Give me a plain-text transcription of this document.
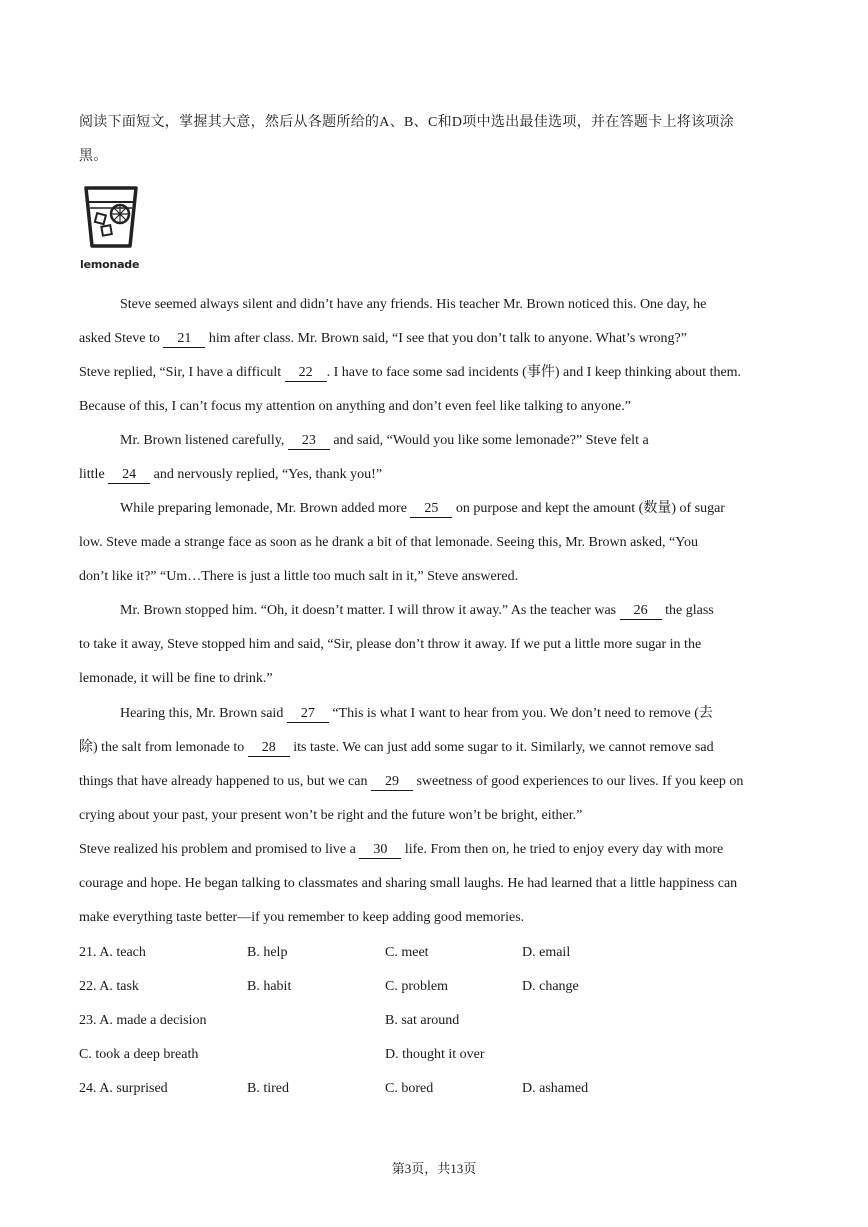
阅读下面短文，掌握其大意，然后从各题所给的A、B、C和D项中选出最佳选项，并在答题卡上将该项涂
黑。
lemonade
Steve seemed always silent and didn’t have any friends. His teacher Mr. Brown noticed this. One day, he
asked Steve to 21 him after class. Mr. Brown said, “I see that you don’t talk to anyone. What’s wrong?”
Steve replied, “Sir, I have a difficult 22 . I have to face some sad incidents (事件) and I keep thinking about them.
Because of this, I can’t focus my attention on anything and don’t even feel like talking to anyone.”
Mr. Brown listened carefully, 23 and said, “Would you like some lemonade?” Steve felt a
little 24 and nervously replied, “Yes, thank you!”
While preparing lemonade, Mr. Brown added more 25 on purpose and kept the amount (数量) of sugar
low. Steve made a strange face as soon as he drank a bit of that lemonade. Seeing this, Mr. Brown asked, “You
don’t like it?” “Um…There is just a little too much salt in it,” Steve answered.
Mr. Brown stopped him. “Oh, it doesn’t matter. I will throw it away.” As the teacher was 26 the glass
to take it away, Steve stopped him and said, “Sir, please don’t throw it away. If we put a little more sugar in the
lemonade, it will be fine to drink.”
Hearing this, Mr. Brown said 27 “This is what I want to hear from you. We don’t need to remove (去
除) the salt from lemonade to 28 its taste. We can just add some sugar to it. Similarly, we cannot remove sad
things that have already happened to us, but we can 29 sweetness of good experiences to our lives. If you keep on
crying about your past, your present won’t be right and the future won’t be bright, either.”
Steve realized his problem and promised to live a 30 life. From then on, he tried to enjoy every day with more
courage and hope. He began talking to classmates and sharing small laughs. He had learned that a little happiness can
make everything taste better—if you remember to keep adding good memories.
21. A. teach	B. help	C. meet	D. email
22. A. task	B. habit	C. problem	D. change
23. A. made a decision	B. sat around
C. took a deep breath	D. thought it over
24. A. surprised	B. tired	C. bored	D. ashamed
第3页，共13页
